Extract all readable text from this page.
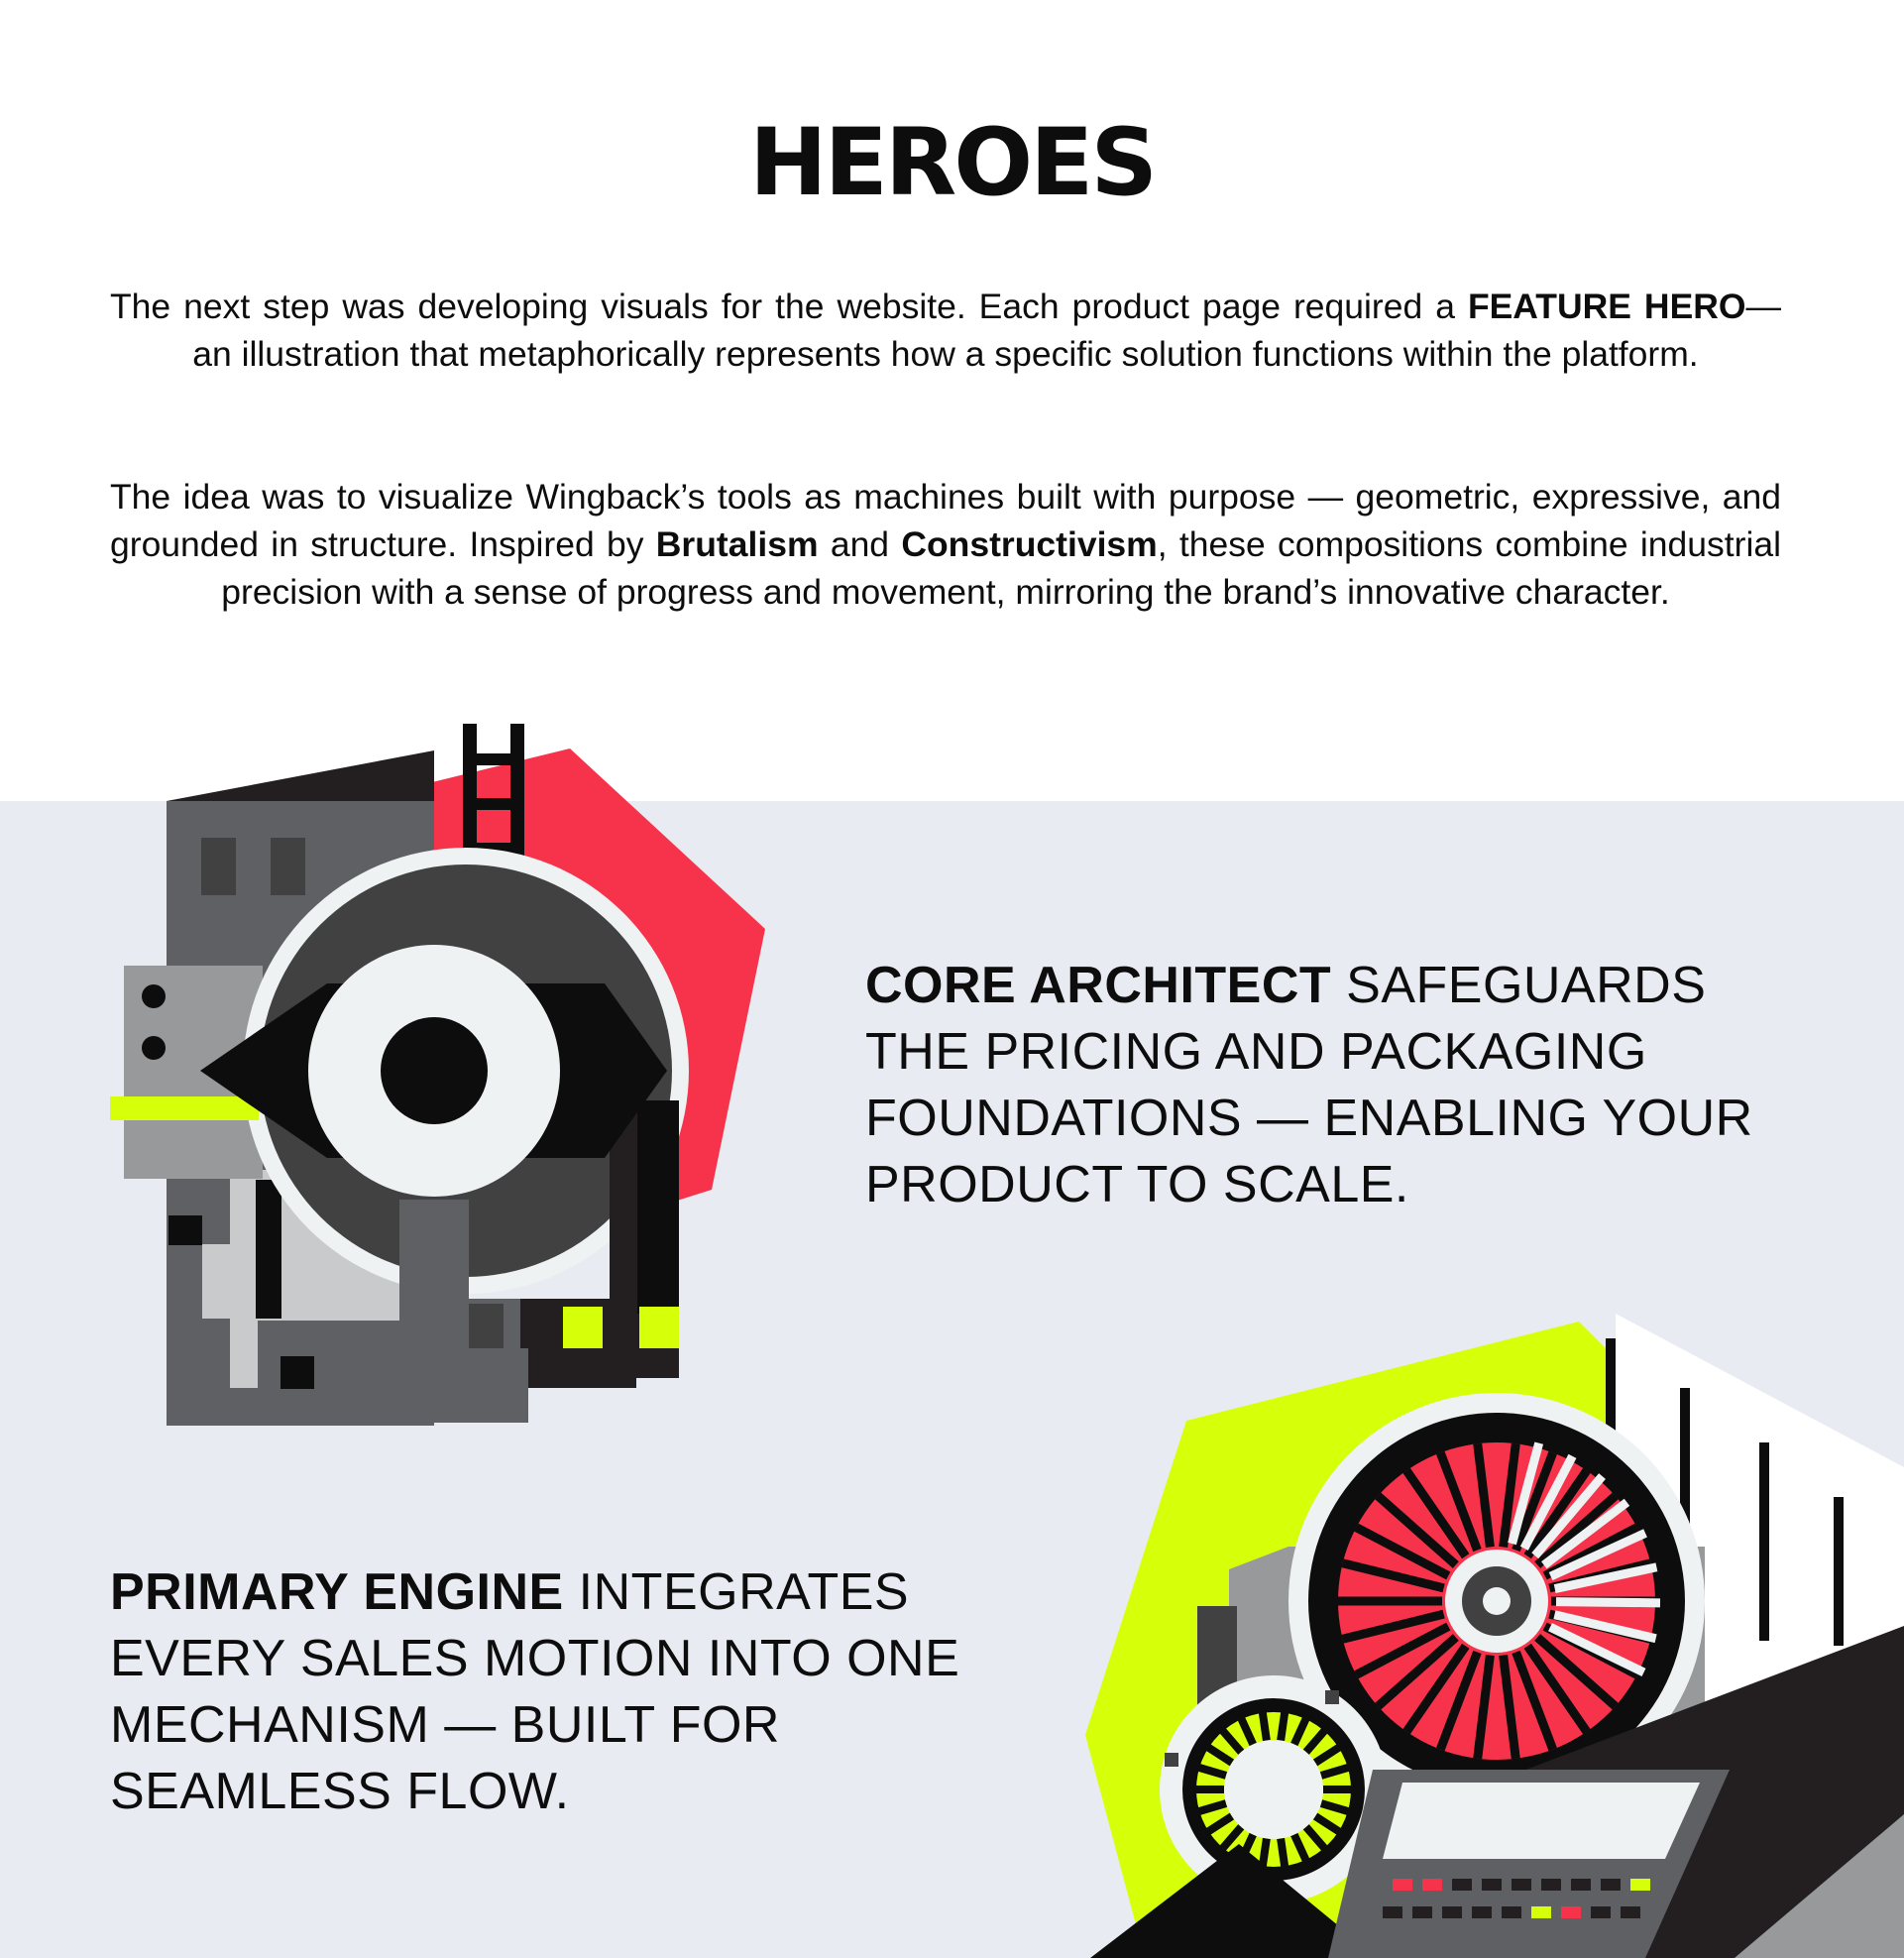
HEROES

The next step was developing visuals for the website. Each product page required a FEATURE HERO— an illustration that metaphorically represents how a specific solution functions within the platform.

The idea was to visualize Wingback’s tools as machines built with purpose — geometric, expressive, and grounded in structure. Inspired by Brutalism and Constructivism, these compositions combine industrial precision with a sense of progress and movement, mirroring the brand’s innovative character.

CORE ARCHITECT SAFEGUARDS THE PRICING AND PACKAGING FOUNDATIONS — ENABLING YOUR PRODUCT TO SCALE.

PRIMARY ENGINE INTEGRATES EVERY SALES MOTION INTO ONE MECHANISM — BUILT FOR SEAMLESS FLOW.
